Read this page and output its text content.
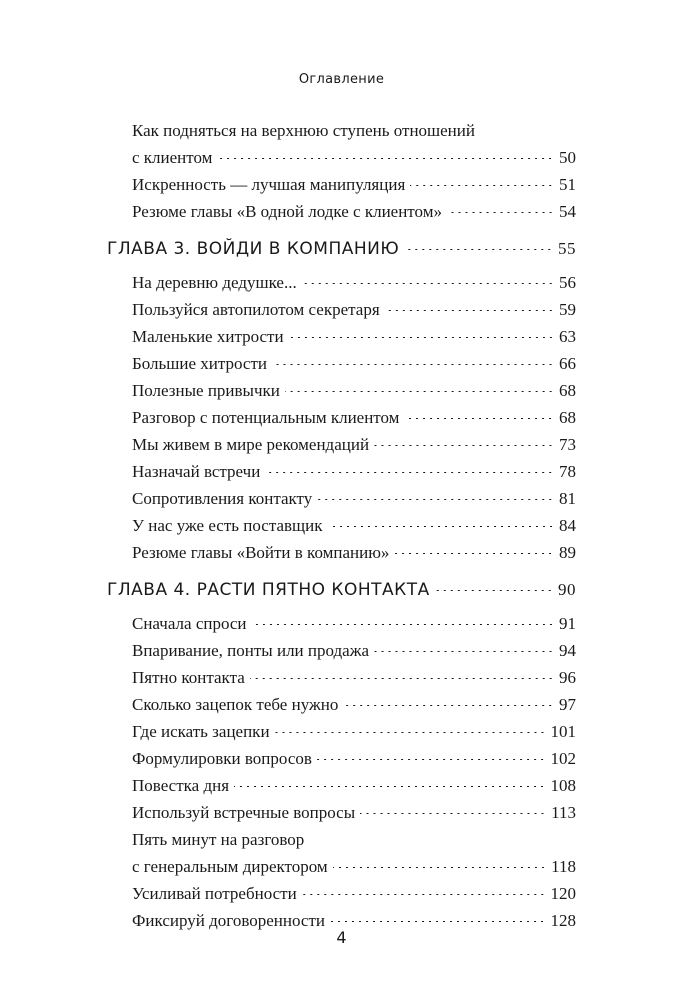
Оглавление
Как подняться на верхнюю ступень отношений
с клиентом	50
Искренность — лучшая манипуляция	51
Резюме главы «В одной лодке с клиентом»	54
ГЛАВА 3. ВОЙДИ В КОМПАНИЮ	55
На деревню дедушке...	56
Пользуйся автопилотом секретаря	59
Маленькие хитрости	63
Большие хитрости	66
Полезные привычки	68
Разговор с потенциальным клиентом	68
Мы живем в мире рекомендаций	73
Назначай встречи	78
Сопротивления контакту	81
У нас уже есть поставщик	84
Резюме главы «Войти в компанию»	89
ГЛАВА 4. РАСТИ ПЯТНО КОНТАКТА	90
Сначала спроси	91
Впаривание, понты или продажа	94
Пятно контакта	96
Сколько зацепок тебе нужно	97
Где искать зацепки	101
Формулировки вопросов	102
Повестка дня	108
Используй встречные вопросы	113
Пять минут на разговор
с генеральным директором	118
Усиливай потребности	120
Фиксируй договоренности	128
4
